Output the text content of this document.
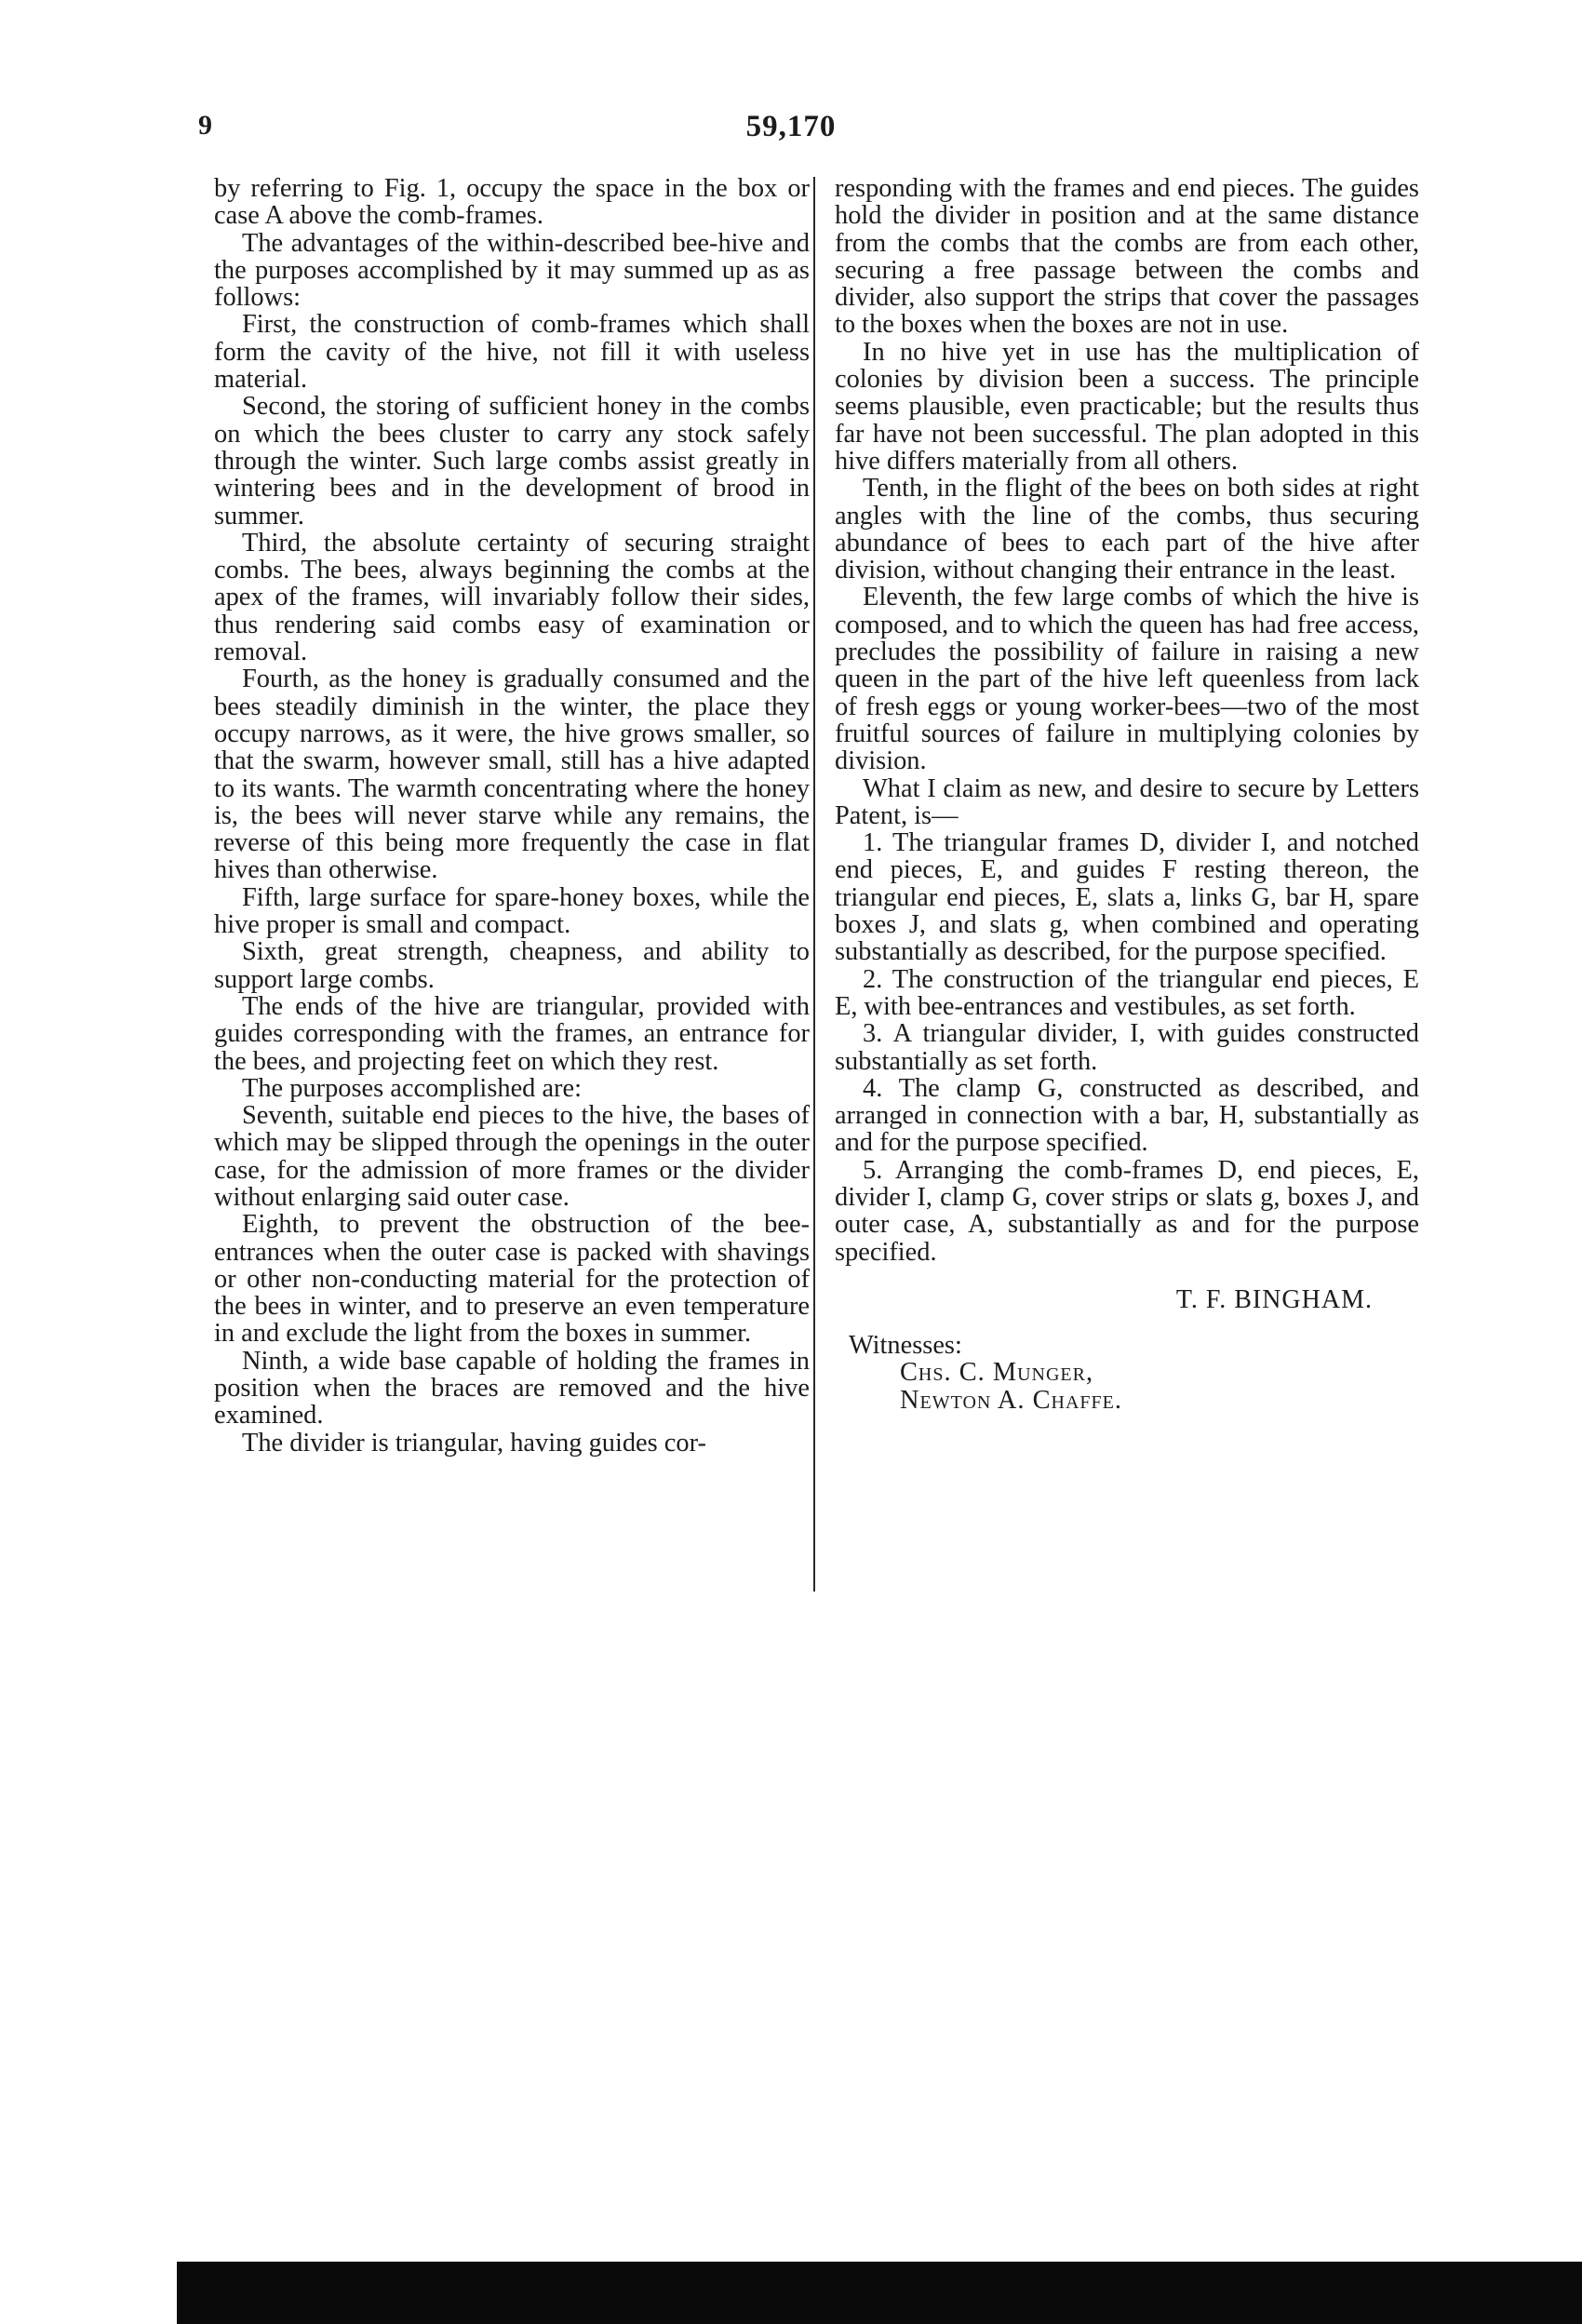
9	59,170

by referring to Fig. 1, occupy the space in the box or case A above the comb-frames.

The advantages of the within-described bee-hive and the purposes accomplished by it may summed up as as follows:

First, the construction of comb-frames which shall form the cavity of the hive, not fill it with useless material.

Second, the storing of sufficient honey in the combs on which the bees cluster to carry any stock safely through the winter. Such large combs assist greatly in wintering bees and in the development of brood in summer.

Third, the absolute certainty of securing straight combs. The bees, always beginning the combs at the apex of the frames, will invariably follow their sides, thus rendering said combs easy of examination or removal.

Fourth, as the honey is gradually consumed and the bees steadily diminish in the winter, the place they occupy narrows, as it were, the hive grows smaller, so that the swarm, however small, still has a hive adapted to its wants. The warmth concentrating where the honey is, the bees will never starve while any remains, the reverse of this being more frequently the case in flat hives than otherwise.

Fifth, large surface for spare-honey boxes, while the hive proper is small and compact.

Sixth, great strength, cheapness, and ability to support large combs.

The ends of the hive are triangular, provided with guides corresponding with the frames, an entrance for the bees, and projecting feet on which they rest.

The purposes accomplished are:

Seventh, suitable end pieces to the hive, the bases of which may be slipped through the openings in the outer case, for the admission of more frames or the divider without enlarging said outer case.

Eighth, to prevent the obstruction of the bee-entrances when the outer case is packed with shavings or other non-conducting material for the protection of the bees in winter, and to preserve an even temperature in and exclude the light from the boxes in summer.

Ninth, a wide base capable of holding the frames in position when the braces are removed and the hive examined.

The divider is triangular, having guides cor-

responding with the frames and end pieces. The guides hold the divider in position and at the same distance from the combs that the combs are from each other, securing a free passage between the combs and divider, also support the strips that cover the passages to the boxes when the boxes are not in use.

In no hive yet in use has the multiplication of colonies by division been a success. The principle seems plausible, even practicable; but the results thus far have not been successful. The plan adopted in this hive differs materially from all others.

Tenth, in the flight of the bees on both sides at right angles with the line of the combs, thus securing abundance of bees to each part of the hive after division, without changing their entrance in the least.

Eleventh, the few large combs of which the hive is composed, and to which the queen has had free access, precludes the possibility of failure in raising a new queen in the part of the hive left queenless from lack of fresh eggs or young worker-bees—two of the most fruitful sources of failure in multiplying colonies by division.

What I claim as new, and desire to secure by Letters Patent, is—

1. The triangular frames D, divider I, and notched end pieces, E, and guides F resting thereon, the triangular end pieces, E, slats a, links G, bar H, spare boxes J, and slats g, when combined and operating substantially as described, for the purpose specified.

2. The construction of the triangular end pieces, E E, with bee-entrances and vestibules, as set forth.

3. A triangular divider, I, with guides constructed substantially as set forth.

4. The clamp G, constructed as described, and arranged in connection with a bar, H, substantially as and for the purpose specified.

5. Arranging the comb-frames D, end pieces, E, divider I, clamp G, cover strips or slats g, boxes J, and outer case, A, substantially as and for the purpose specified.

T. F. BINGHAM.
Witnesses:
Chs. C. Munger,
Newton A. Chaffe.
